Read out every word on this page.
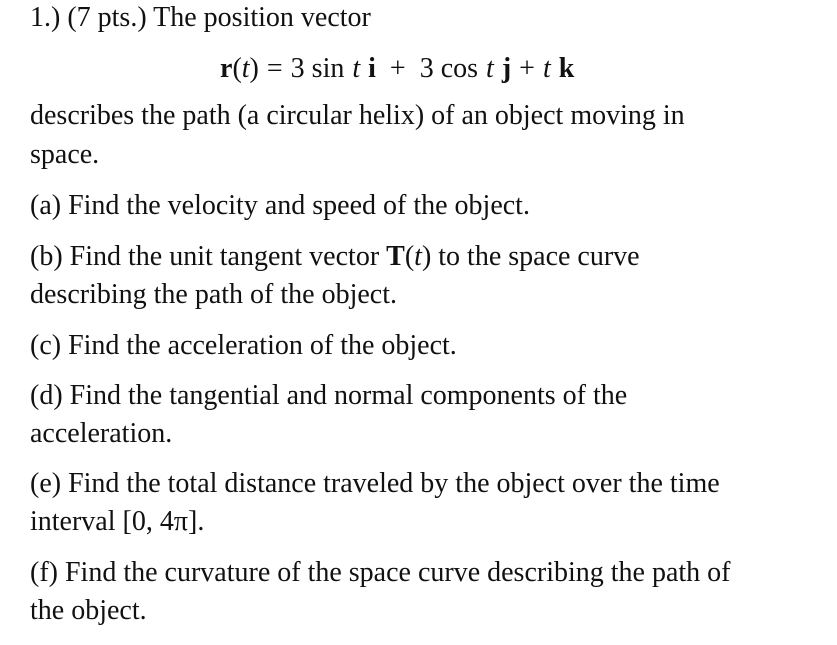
1.) (7 pts.) The position vector
r(t) = 3 sin t i + 3 cos t j + t k
describes the path (a circular helix) of an object moving in
space.
(a) Find the velocity and speed of the object.
(b) Find the unit tangent vector T(t) to the space curve
describing the path of the object.
(c) Find the acceleration of the object.
(d) Find the tangential and normal components of the
acceleration.
(e) Find the total distance traveled by the object over the time
interval [0, 4π].
(f) Find the curvature of the space curve describing the path of
the object.
